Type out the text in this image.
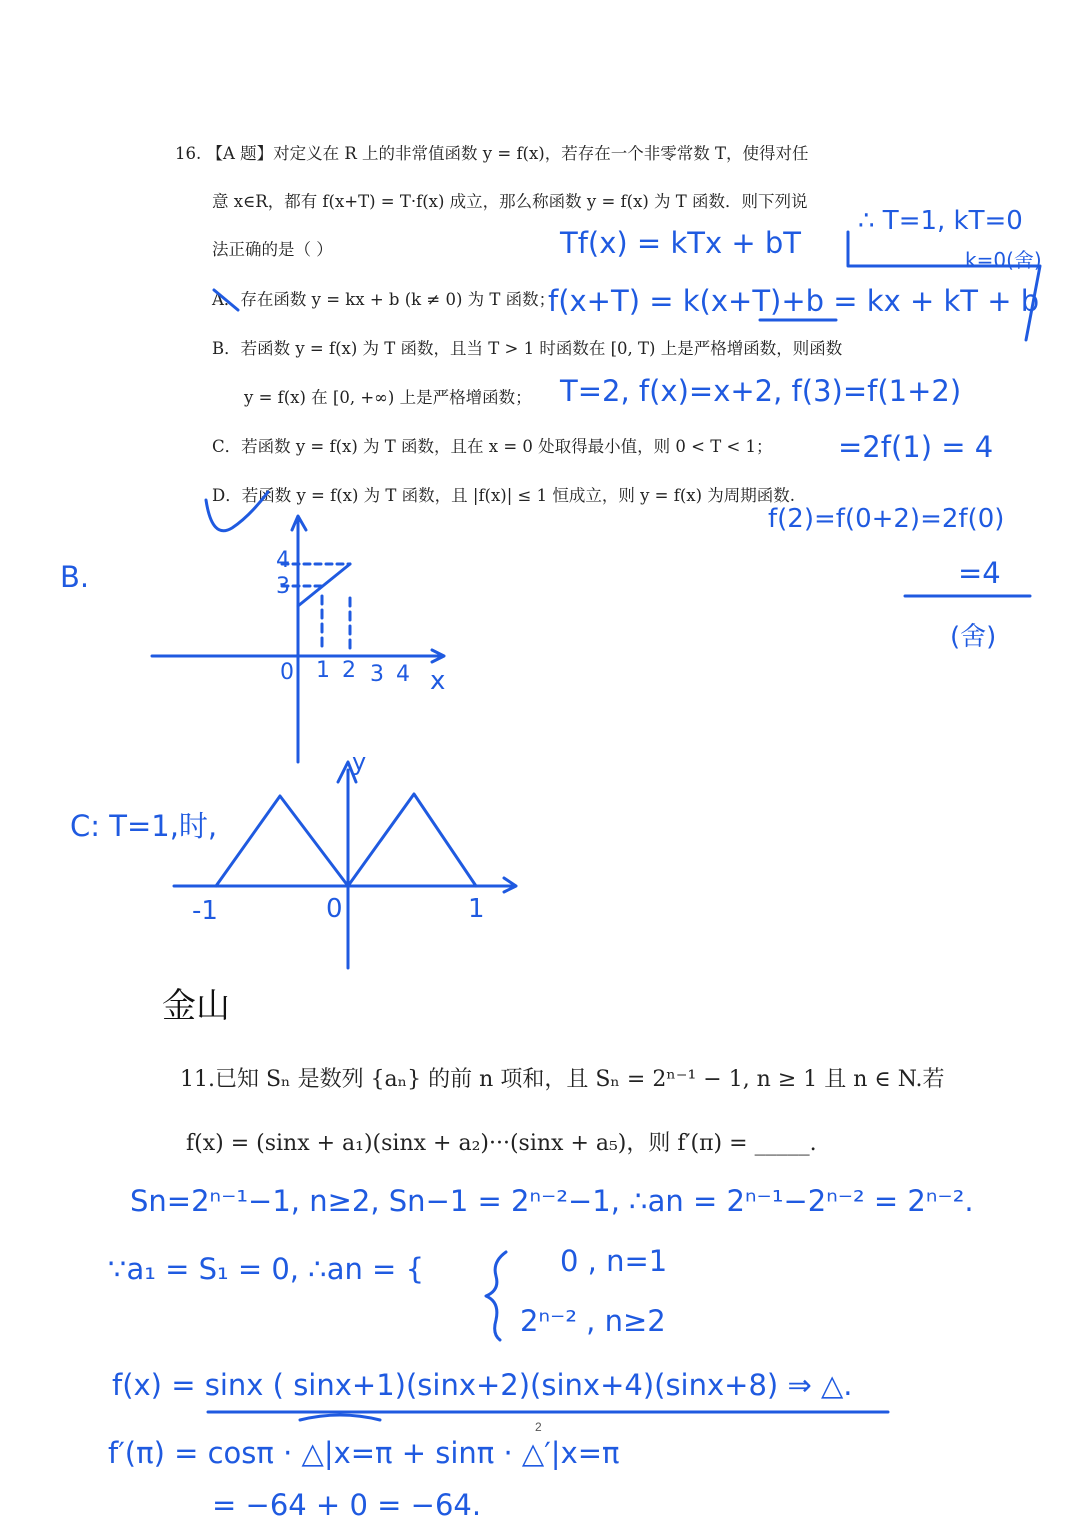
16. 【A 题】对定义在 R 上的非常值函数 y = f(x)，若存在一个非零常数 T，使得对任
意 x∈R，都有 f(x+T) = T·f(x) 成立，那么称函数 y = f(x) 为 T 函数．则下列说
法正确的是（ ）
A．存在函数 y = kx + b (k ≠ 0) 为 T 函数；
B．若函数 y = f(x) 为 T 函数，且当 T > 1 时函数在 [0, T) 上是严格增函数，则函数
y = f(x) 在 [0, +∞) 上是严格增函数；
C．若函数 y = f(x) 为 T 函数，且在 x = 0 处取得最小值，则 0 < T < 1；
D．若函数 y = f(x) 为 T 函数，且 |f(x)| ≤ 1 恒成立，则 y = f(x) 为周期函数.
Tf(x) = kTx + bT
∴ T=1, kT=0
k=0(舍)
f(x+T) = k(x+T)+b = kx + kT + b
T=2, f(x)=x+2, f(3)=f(1+2)
=2f(1) = 4
f(2)=f(0+2)=2f(0)
=4
(舍)
B.
C: T=1,时,
4
3
0 1 2 3 4 x
y
-1	0	1
金山
11.已知 Sₙ 是数列 {aₙ} 的前 n 项和，且 Sₙ = 2ⁿ⁻¹ − 1, n ≥ 1 且 n ∈ N.若
f(x) = (sinx + a₁)(sinx + a₂)···(sinx + a₅)，则 f′(π) = _____.
Sn=2ⁿ⁻¹−1, n≥2, Sn−1 = 2ⁿ⁻²−1, ∴an = 2ⁿ⁻¹−2ⁿ⁻² = 2ⁿ⁻².
∵a₁ = S₁ = 0, ∴an = {	0 , n=1
2ⁿ⁻² , n≥2
f(x) = sinx ( sinx+1)(sinx+2)(sinx+4)(sinx+8) ⇒ △.
f′(π) = cosπ · △|x=π + sinπ · △′|x=π
= −64 + 0 = −64.
2
